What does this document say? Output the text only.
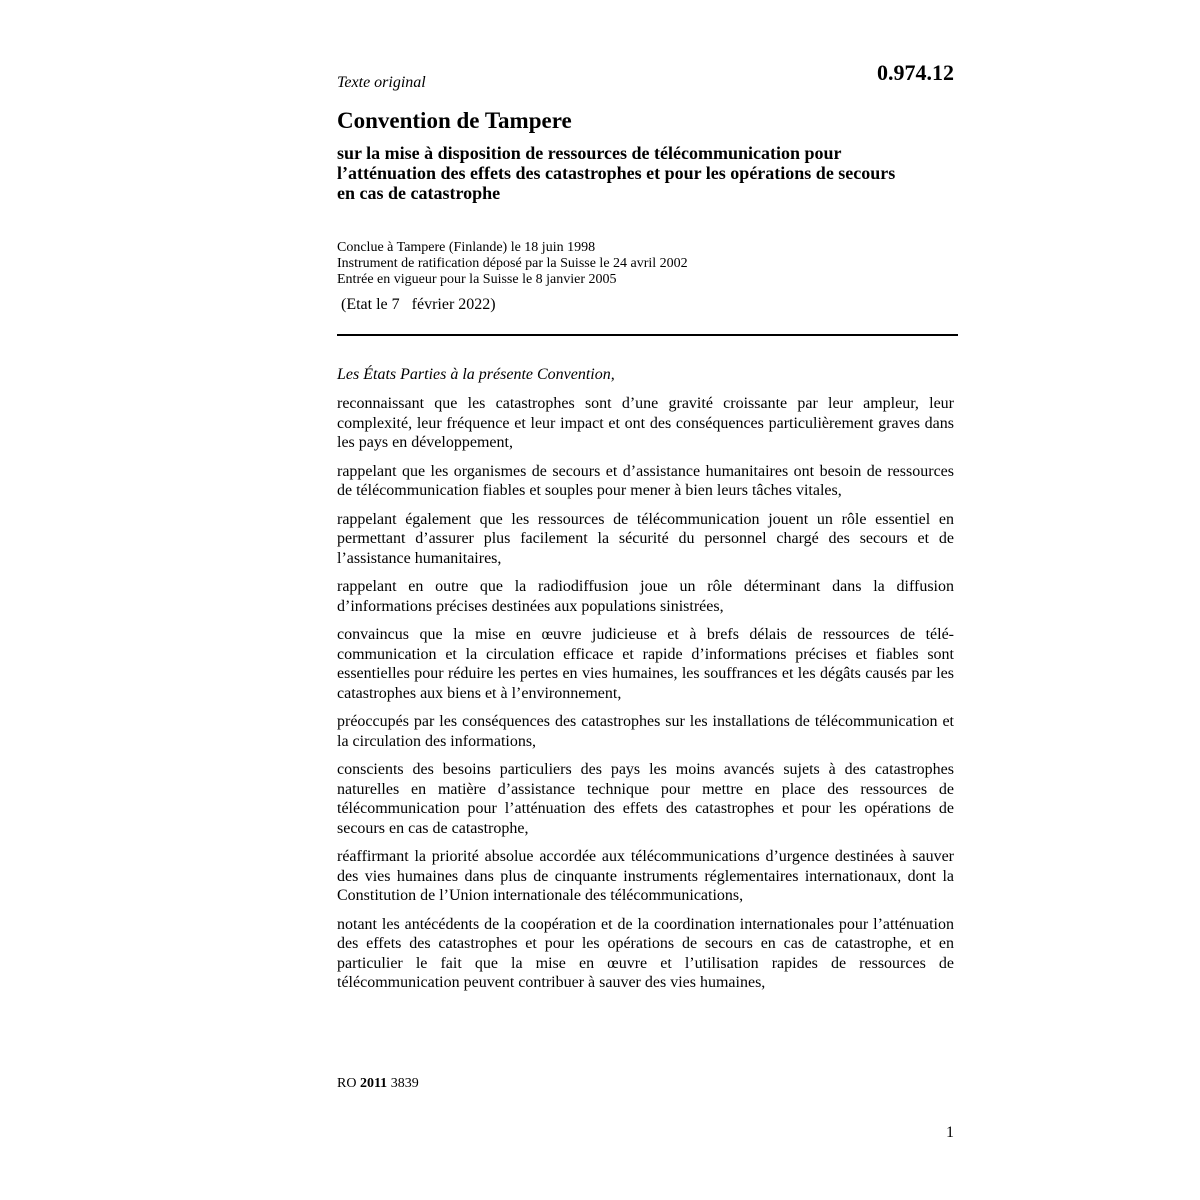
Texte original	0.974.12
Convention de Tampere
sur la mise à disposition de ressources de télécommunication pour l’atténuation des effets des catastrophes et pour les opérations de secours en cas de catastrophe
Conclue à Tampere (Finlande) le 18 juin 1998
Instrument de ratification déposé par la Suisse le 24 avril 2002
Entrée en vigueur pour la Suisse le 8 janvier 2005
(Etat le 7   février 2022)
Les États Parties à la présente Convention,

reconnaissant que les catastrophes sont d’une gravité croissante par leur ampleur, leur complexité, leur fréquence et leur impact et ont des conséquences particulièrement graves dans les pays en développement,

rappelant que les organismes de secours et d’assistance humanitaires ont besoin de ressources de télécommunication fiables et souples pour mener à bien leurs tâches vitales,

rappelant également que les ressources de télécommunication jouent un rôle essentiel en permettant d’assurer plus facilement la sécurité du personnel chargé des secours et de l’assistance humanitaires,

rappelant en outre que la radiodiffusion joue un rôle déterminant dans la diffusion d’informations précises destinées aux populations sinistrées,

convaincus que la mise en œuvre judicieuse et à brefs délais de ressources de télécommunication et la circulation efficace et rapide d’informations précises et fiables sont essentielles pour réduire les pertes en vies humaines, les souffrances et les dégâts causés par les catastrophes aux biens et à l’environnement,

préoccupés par les conséquences des catastrophes sur les installations de télécommunication et la circulation des informations,

conscients des besoins particuliers des pays les moins avancés sujets à des catastrophes naturelles en matière d’assistance technique pour mettre en place des ressources de télécommunication pour l’atténuation des effets des catastrophes et pour les opérations de secours en cas de catastrophe,

réaffirmant la priorité absolue accordée aux télécommunications d’urgence destinées à sauver des vies humaines dans plus de cinquante instruments réglementaires internationaux, dont la Constitution de l’Union internationale des télécommunications,

notant les antécédents de la coopération et de la coordination internationales pour l’atténuation des effets des catastrophes et pour les opérations de secours en cas de catastrophe, et en particulier le fait que la mise en œuvre et l’utilisation rapides de ressources de télécommunication peuvent contribuer à sauver des vies humaines,

RO 2011 3839
1
